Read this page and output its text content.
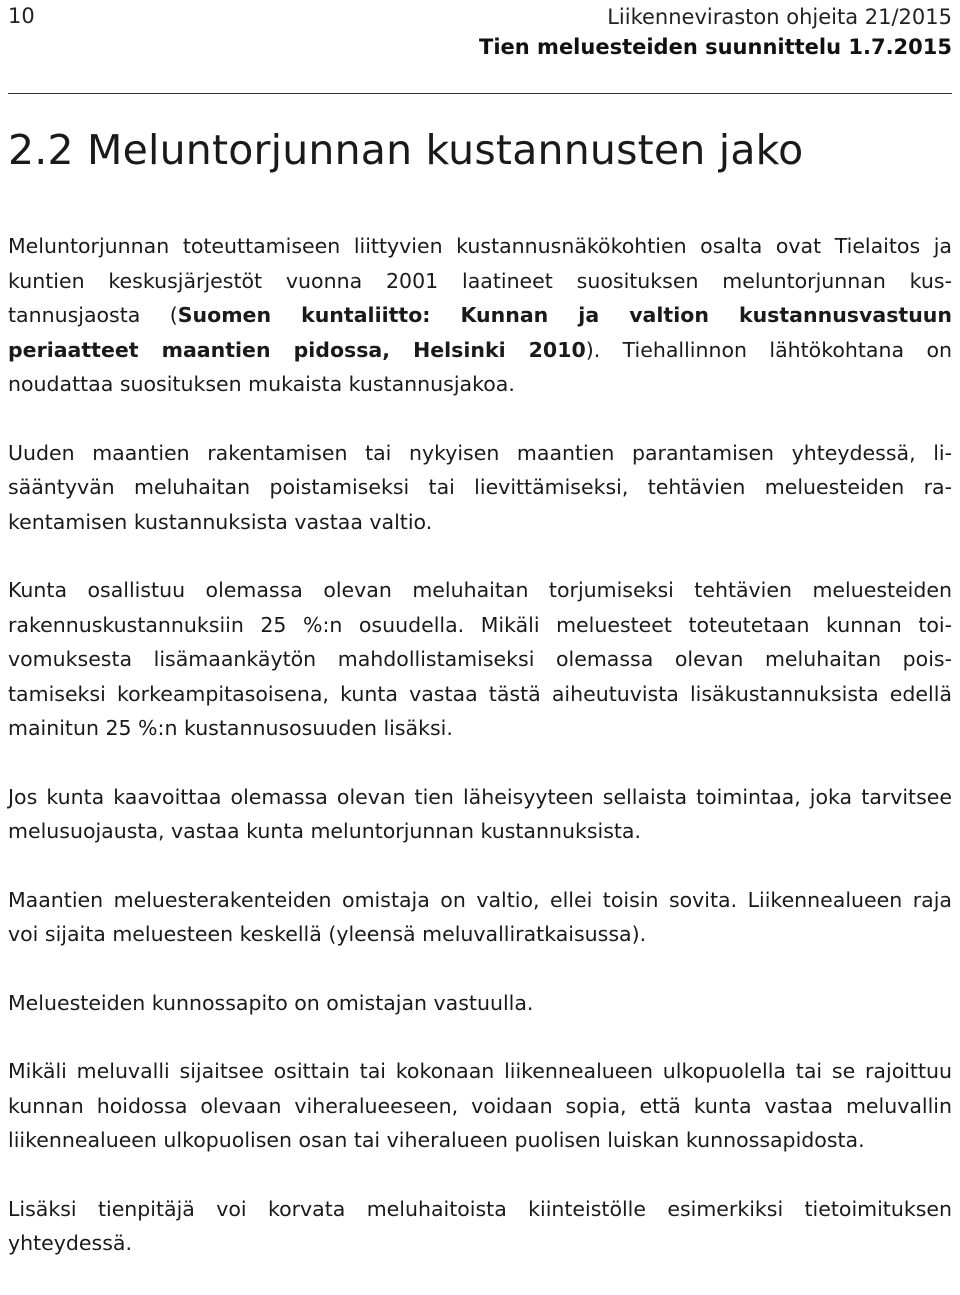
10	Liikenneviraston ohjeita 21/2015
Tien meluesteiden suunnittelu 1.7.2015
2.2 Meluntorjunnan kustannusten jako

Meluntorjunnan toteuttamiseen liittyvien kustannusnäkökohtien osalta ovat Tielaitos ja kuntien keskusjärjestöt vuonna 2001 laatineet suosituksen meluntorjunnan kustannusjaosta (Suomen kuntaliitto: Kunnan ja valtion kustannusvastuun periaatteet maantien pidossa, Helsinki 2010). Tiehallinnon lähtökohtana on noudattaa suosituksen mukaista kustannusjakoa.

Uuden maantien rakentamisen tai nykyisen maantien parantamisen yhteydessä, lisääntyvän meluhaitan poistamiseksi tai lievittämiseksi, tehtävien meluesteiden rakentamisen kustannuksista vastaa valtio.

Kunta osallistuu olemassa olevan meluhaitan torjumiseksi tehtävien meluesteiden rakennuskustannuksiin 25 %:n osuudella. Mikäli meluesteet toteutetaan kunnan toivomuksesta lisämaankäytön mahdollistamiseksi olemassa olevan meluhaitan poistamiseksi korkeampitasoisena, kunta vastaa tästä aiheutuvista lisäkustannuksista edellä mainitun 25 %:n kustannusosuuden lisäksi.

Jos kunta kaavoittaa olemassa olevan tien läheisyyteen sellaista toimintaa, joka tarvitsee melusuojausta, vastaa kunta meluntorjunnan kustannuksista.

Maantien meluesterakenteiden omistaja on valtio, ellei toisin sovita. Liikennealueen raja voi sijaita meluesteen keskellä (yleensä meluvalliratkaisussa).

Meluesteiden kunnossapito on omistajan vastuulla.

Mikäli meluvalli sijaitsee osittain tai kokonaan liikennealueen ulkopuolella tai se rajoittuu kunnan hoidossa olevaan viheralueeseen, voidaan sopia, että kunta vastaa meluvallin liikennealueen ulkopuolisen osan tai viheralueen puolisen luiskan kunnossapidosta.

Lisäksi tienpitäjä voi korvata meluhaitoista kiinteistölle esimerkiksi tietoimituksen yhteydessä.
